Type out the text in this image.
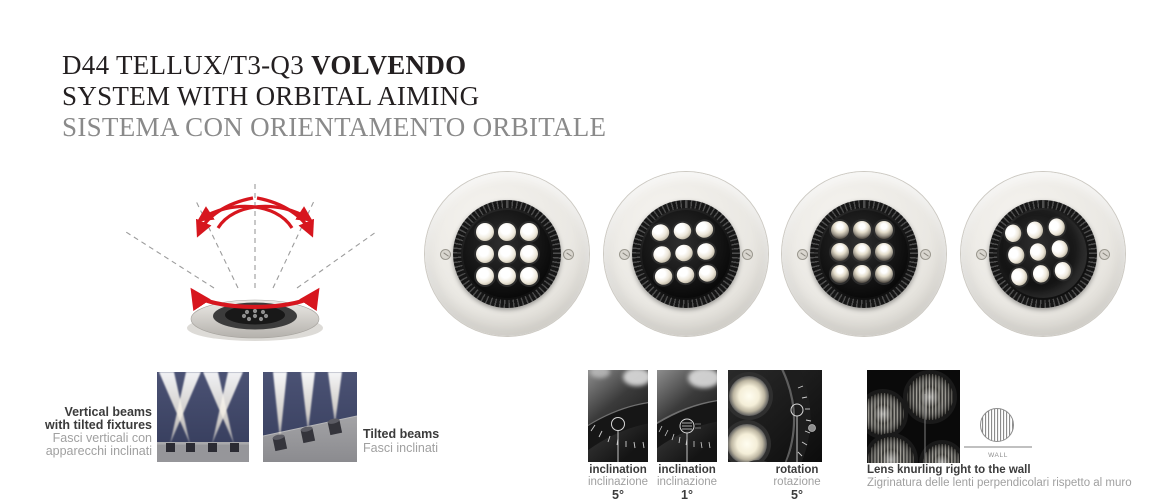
D44 TELLUX/T3-Q3 VOLVENDO
SYSTEM WITH ORBITAL AIMING
SISTEMA CON ORIENTAMENTO ORBITALE
Vertical beams
with tilted fixtures
Fasci verticali con
apparecchi inclinati
Tilted beams
Fasci inclinati
inclination
inclinazione
5°
inclination
inclinazione
1°
rotation
rotazione
5°
WALL
Lens knurling right to the wall
Zigrinatura delle lenti perpendicolari rispetto al muro
